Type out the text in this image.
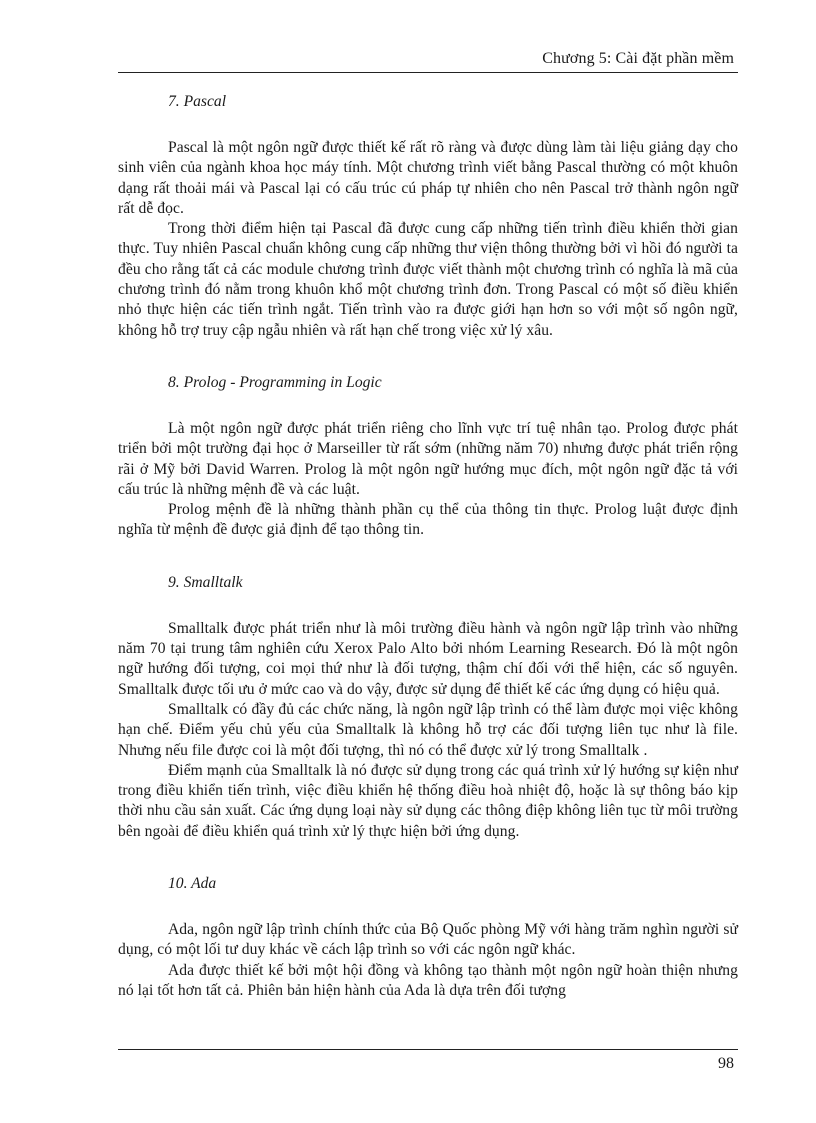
Chương 5: Cài đặt phần mềm

7. Pascal

Pascal là một ngôn ngữ được thiết kế rất rõ ràng và được dùng làm tài liệu giảng dạy cho sinh viên của ngành khoa học máy tính. Một chương trình viết bằng Pascal thường có một khuôn dạng rất thoải mái và Pascal lại có cấu trúc cú pháp tự nhiên cho nên Pascal trở thành ngôn ngữ rất dễ đọc.

Trong thời điểm hiện tại Pascal đã được cung cấp những tiến trình điều khiển thời gian thực. Tuy nhiên Pascal chuẩn không cung cấp những thư viện thông thường bởi vì hồi đó người ta đều cho rằng tất cả các module chương trình được viết thành một chương trình có nghĩa là mã của chương trình đó nằm trong khuôn khổ một chương trình đơn. Trong Pascal có một số điều khiển nhỏ thực hiện các tiến trình ngắt. Tiến trình vào ra được giới hạn hơn so với một số ngôn ngữ, không hỗ trợ truy cập ngẫu nhiên và rất hạn chế trong việc xử lý xâu.

8. Prolog - Programming in Logic

Là một ngôn ngữ được phát triển riêng cho lĩnh vực trí tuệ nhân tạo. Prolog được phát triển bởi một trường đại học ở Marseiller từ rất sớm (những năm 70) nhưng được phát triển rộng rãi ở Mỹ bởi David Warren. Prolog là một ngôn ngữ hướng mục đích, một ngôn ngữ đặc tả với cấu trúc là những mệnh đề và các luật.

Prolog mệnh đề là những thành phần cụ thể của thông tin thực. Prolog luật được định nghĩa từ mệnh đề được giả định để tạo thông tin.

9. Smalltalk

Smalltalk được phát triển như là môi trường điều hành và ngôn ngữ lập trình vào những năm 70 tại trung tâm nghiên cứu Xerox Palo Alto bởi nhóm Learning Research. Đó là một ngôn ngữ hướng đối tượng, coi mọi thứ như là đối tượng, thậm chí đối với thể hiện, các số nguyên. Smalltalk được tối ưu ở mức cao và do vậy, được sử dụng để thiết kế các ứng dụng có hiệu quả.

Smalltalk có đầy đủ các chức năng, là ngôn ngữ lập trình có thể làm được mọi việc không hạn chế. Điểm yếu chủ yếu của Smalltalk là không hỗ trợ các đối tượng liên tục như là file. Nhưng nếu file được coi là một đối tượng, thì nó có thể được xử lý trong Smalltalk .

Điểm mạnh của Smalltalk là nó được sử dụng trong các quá trình xử lý hướng sự kiện như trong điều khiển tiến trình, việc điều khiển hệ thống điều hoà nhiệt độ, hoặc là sự thông báo kịp thời nhu cầu sản xuất. Các ứng dụng loại này sử dụng các thông điệp không liên tục từ môi trường bên ngoài để điều khiển quá trình xử lý thực hiện bởi ứng dụng.

10. Ada

Ada, ngôn ngữ lập trình chính thức của Bộ Quốc phòng Mỹ với hàng trăm nghìn người sử dụng, có một lối tư duy khác về cách lập trình so với các ngôn ngữ khác.

Ada được thiết kế bởi một hội đồng và không tạo thành một ngôn ngữ hoàn thiện nhưng nó lại tốt hơn tất cả. Phiên bản hiện hành của Ada là dựa trên đối tượng

98
